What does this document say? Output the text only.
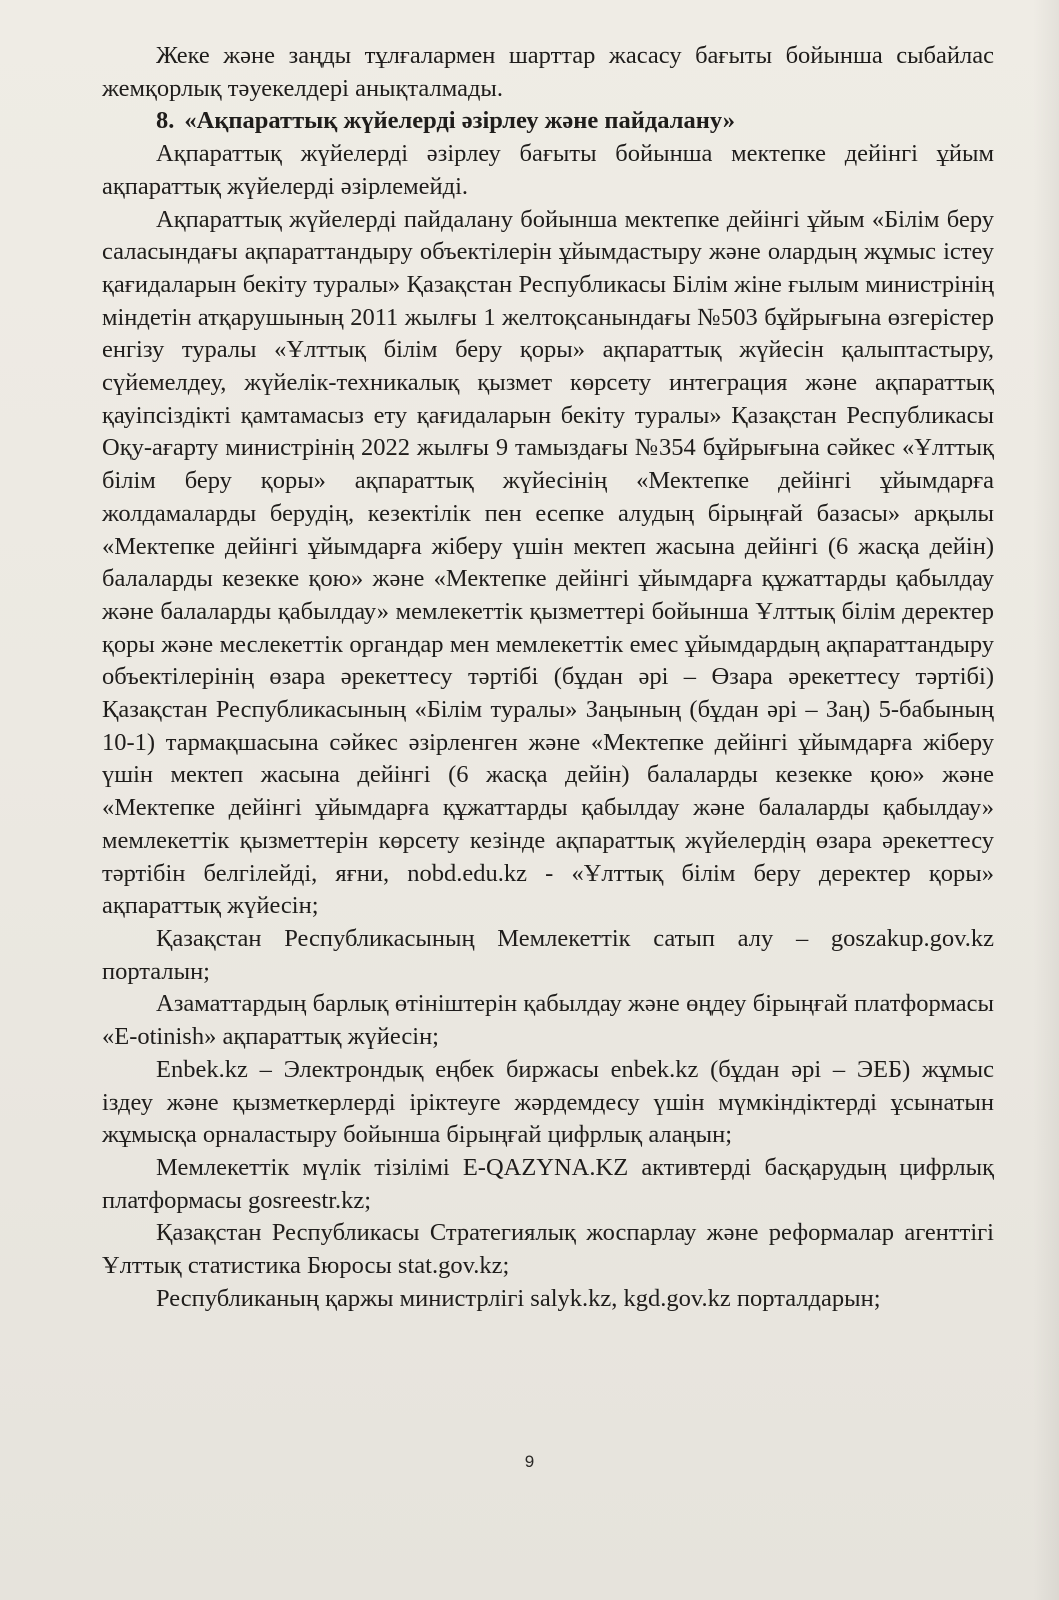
Жеке және заңды тұлғалармен шарттар жасасу бағыты бойынша сыбайлас жемқорлық тәуекелдері анықталмады.

8. «Ақпараттық жүйелерді әзірлеу және пайдалану»

Ақпараттық жүйелерді әзірлеу бағыты бойынша мектепке дейінгі ұйым ақпараттық жүйелерді әзірлемейді.

Ақпараттық жүйелерді пайдалану бойынша мектепке дейінгі ұйым «Білім беру саласындағы ақпараттандыру объектілерін ұйымдастыру және олардың жұмыс істеу қағидаларын бекіту туралы» Қазақстан Республикасы Білім жіне ғылым министрінің міндетін атқарушының 2011 жылғы 1 желтоқсанындағы №503 бұйрығына өзгерістер енгізу туралы «Ұлттық білім беру қоры» ақпараттық жүйесін қалыптастыру, сүйемелдеу, жүйелік-техникалық қызмет көрсету интеграция және ақпараттық қауіпсіздікті қамтамасыз ету қағидаларын бекіту туралы» Қазақстан Республикасы Оқу-ағарту министрінің 2022 жылғы 9 тамыздағы №354 бұйрығына сәйкес «Ұлттық білім беру қоры» ақпараттық жүйесінің «Мектепке дейінгі ұйымдарға жолдамаларды берудің, кезектілік пен есепке алудың бірыңғай базасы» арқылы «Мектепке дейінгі ұйымдарға жіберу үшін мектеп жасына дейінгі (6 жасқа дейін) балаларды кезекке қою» және «Мектепке дейінгі ұйымдарға құжаттарды қабылдау және балаларды қабылдау» мемлекеттік қызметтері бойынша Ұлттық білім деректер қоры және меслекеттік органдар мен мемлекеттік емес ұйымдардың ақпараттандыру объектілерінің өзара әрекеттесу тәртібі (бұдан әрі – Өзара әрекеттесу тәртібі) Қазақстан Республикасының «Білім туралы» Заңының (бұдан әрі – Заң) 5-бабының 10-1) тармақшасына сәйкес әзірленген және «Мектепке дейінгі ұйымдарға жіберу үшін мектеп жасына дейінгі (6 жасқа дейін) балаларды кезекке қою» және «Мектепке дейінгі ұйымдарға құжаттарды қабылдау және балаларды қабылдау» мемлекеттік қызметтерін көрсету кезінде ақпараттық жүйелердің өзара әрекеттесу тәртібін белгілейді, яғни, nobd.edu.kz - «Ұлттық білім беру деректер қоры» ақпараттық жүйесін;

Қазақстан Республикасының Мемлекеттік сатып алу – goszakup.gov.kz порталын;

Азаматтардың барлық өтініштерін қабылдау және өңдеу бірыңғай платформасы «E-otinish» ақпараттық жүйесін;

Enbek.kz – Электрондық еңбек биржасы enbek.kz (бұдан әрі – ЭЕБ) жұмыс іздеу және қызметкерлерді іріктеуге жәрдемдесу үшін мүмкіндіктерді ұсынатын жұмысқа орналастыру бойынша бірыңғай цифрлық алаңын;

Мемлекеттік мүлік тізілімі E-QAZYNA.KZ активтерді басқарудың цифрлық платформасы gosreestr.kz;

Қазақстан Республикасы Стратегиялық жоспарлау және реформалар агенттігі Ұлттық статистика Бюросы stat.gov.kz;

Республиканың қаржы министрлігі salyk.kz, kgd.gov.kz порталдарын;

9
